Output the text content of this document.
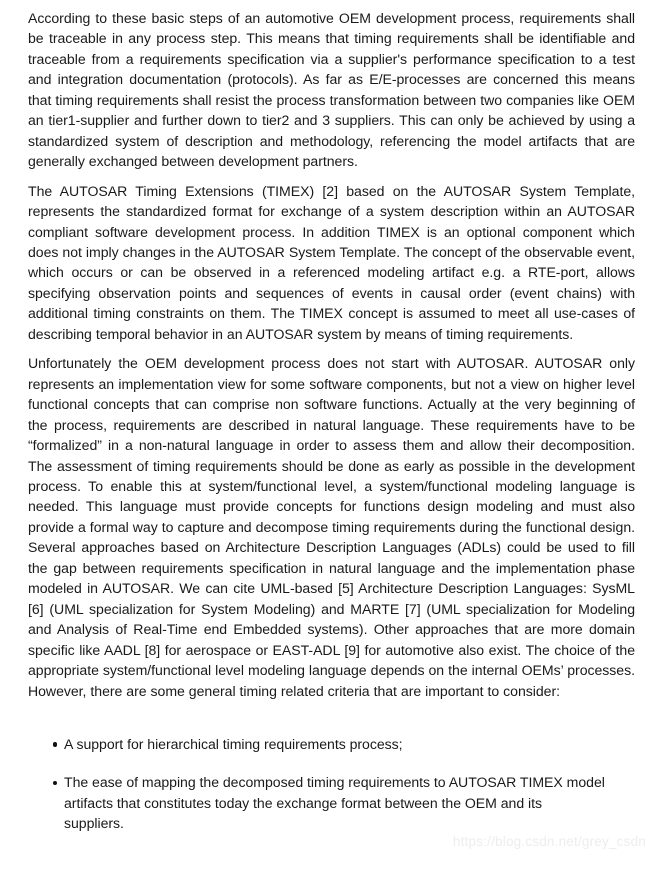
According to these basic steps of an automotive OEM development process, requirements shall be traceable in any process step. This means that timing requirements shall be identifiable and traceable from a requirements specification via a supplier's performance specification to a test and integration documentation (protocols). As far as E/E-processes are concerned this means that timing requirements shall resist the process transformation between two companies like OEM an tier1-supplier and further down to tier2 and 3 suppliers. This can only be achieved by using a standardized system of description and methodology, referencing the model artifacts that are generally exchanged between development partners.

The AUTOSAR Timing Extensions (TIMEX) [2] based on the AUTOSAR System Template, represents the standardized format for exchange of a system description within an AUTOSAR compliant software development process. In addition TIMEX is an optional component which does not imply changes in the AUTOSAR System Template. The concept of the observable event, which occurs or can be observed in a referenced modeling artifact e.g. a RTE-port, allows specifying observation points and sequences of events in causal order (event chains) with additional timing constraints on them. The TIMEX concept is assumed to meet all use-cases of describing temporal behavior in an AUTOSAR system by means of timing requirements.

Unfortunately the OEM development process does not start with AUTOSAR. AUTOSAR only represents an implementation view for some software components, but not a view on higher level functional concepts that can comprise non software functions. Actually at the very beginning of the process, requirements are described in natural language. These requirements have to be “formalized” in a non-natural language in order to assess them and allow their decomposition. The assessment of timing requirements should be done as early as possible in the development process. To enable this at system/functional level, a system/functional modeling language is needed. This language must provide concepts for functions design modeling and must also provide a formal way to capture and decompose timing requirements during the functional design. Several approaches based on Architecture Description Languages (ADLs) could be used to fill the gap between requirements specification in natural language and the implementation phase modeled in AUTOSAR. We can cite UML-based [5] Architecture Description Languages: SysML [6] (UML specialization for System Modeling) and MARTE [7] (UML specialization for Modeling and Analysis of Real-Time end Embedded systems). Other approaches that are more domain specific like AADL [8] for aerospace or EAST-ADL [9] for automotive also exist. The choice of the appropriate system/functional level modeling language depends on the internal OEMs’ processes. However, there are some general timing related criteria that are important to consider:

A support for hierarchical timing requirements process;
The ease of mapping the decomposed timing requirements to AUTOSAR TIMEX model artifacts that constitutes today the exchange format between the OEM and its suppliers.
https://blog.csdn.net/grey_csdn
